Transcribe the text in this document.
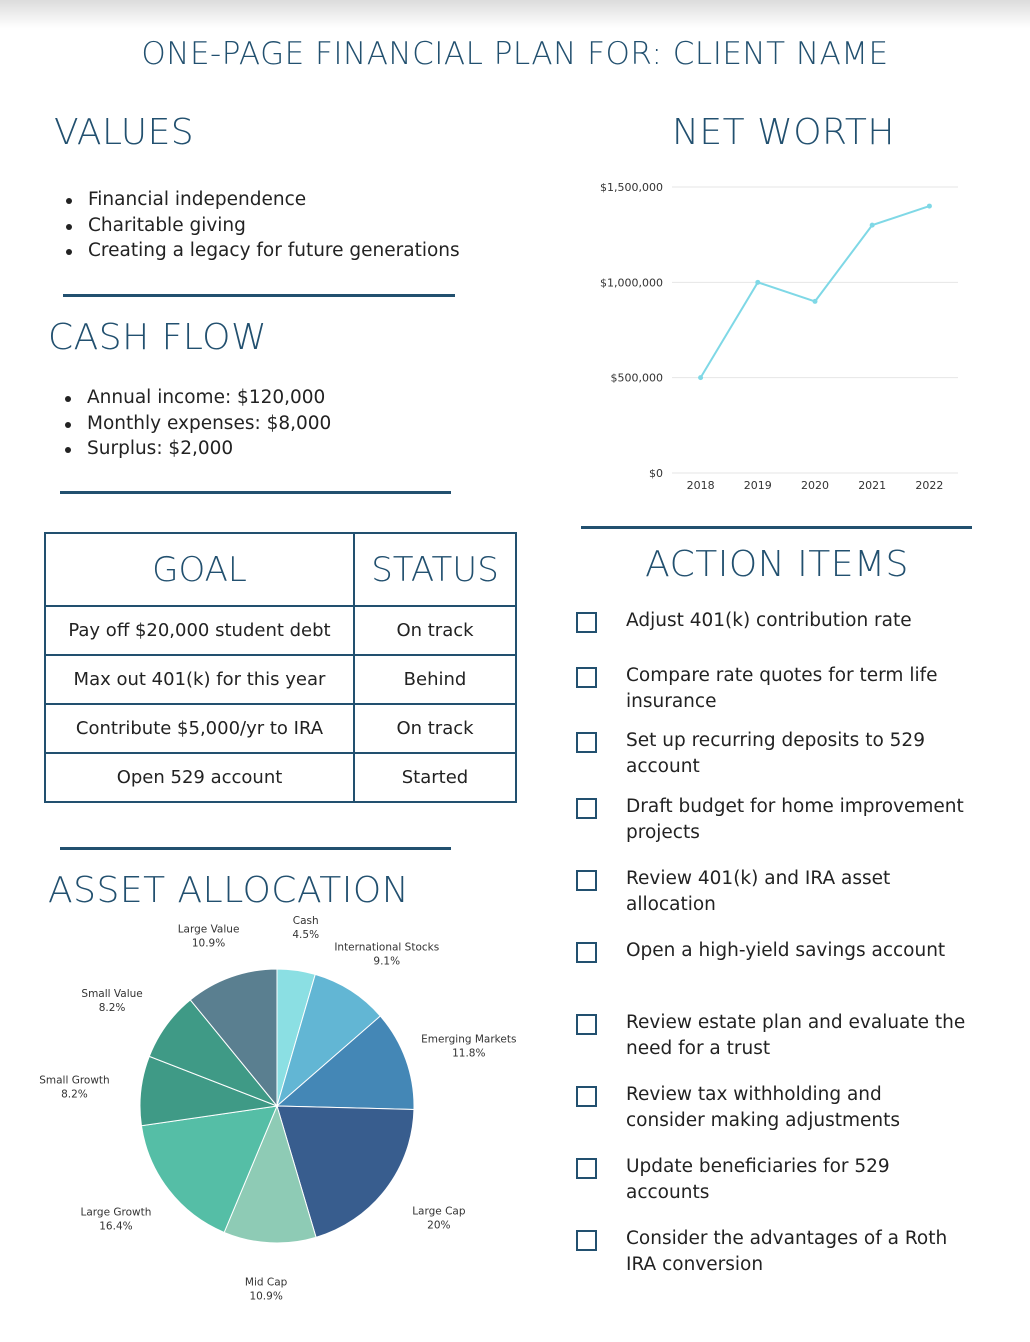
ONE-PAGE FINANCIAL PLAN FOR: CLIENT NAME
VALUES
Financial independence
Charitable giving
Creating a legacy for future generations
CASH FLOW
Annual income: $120,000
Monthly expenses: $8,000
Surplus: $2,000
GOAL	STATUS
Pay off $20,000 student debt	On track
Max out 401(k) for this year	Behind
Contribute $5,000/yr to IRA	On track
Open 529 account	Started
ASSET ALLOCATION
Cash
4.5%
International Stocks
9.1%
Emerging Markets
11.8%
Large Cap
20%
Mid Cap
10.9%
Large Growth
16.4%
Small Growth
8.2%
Small Value
8.2%
Large Value
10.9%
NET WORTH
$0
$500,000
$1,000,000
$1,500,000
2018	2019	2020	2021	2022
ACTION ITEMS
Adjust 401(k) contribution rate
Compare rate quotes for term life insurance
Set up recurring deposits to 529 account
Draft budget for home improvement projects
Review 401(k) and IRA asset allocation
Open a high-yield savings account
Review estate plan and evaluate the need for a trust
Review tax withholding and consider making adjustments
Update beneficiaries for 529 accounts
Consider the advantages of a Roth IRA conversion
